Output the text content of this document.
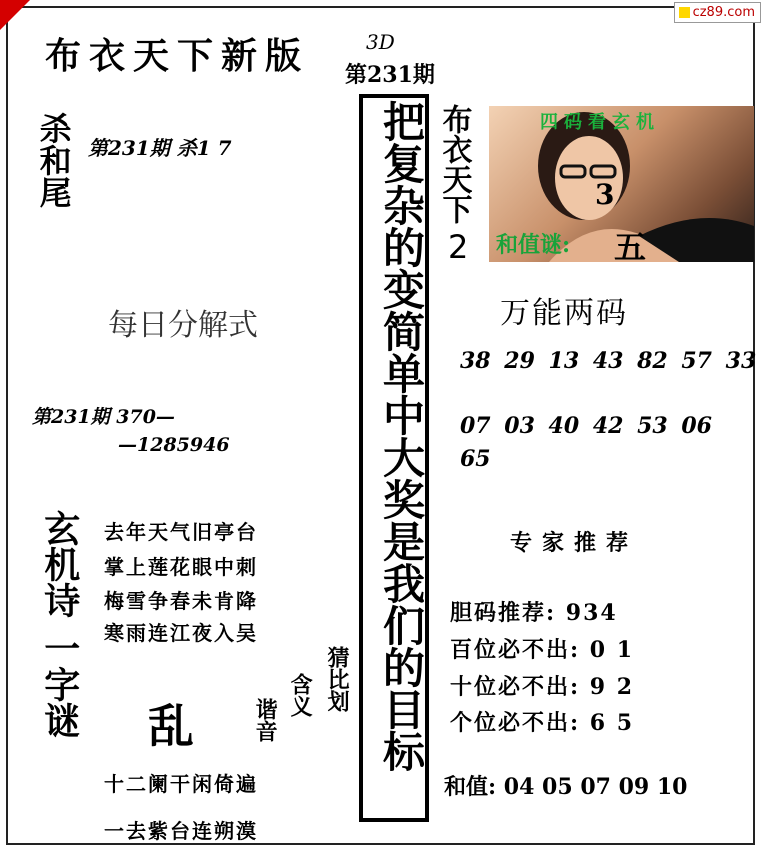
cz89.com
布衣天下新版	3D
第231期
杀和尾 第231期 杀1 7
每日分解式
第231期 370—
—1285946
玄机诗 去年天气旧亭台
掌上莲花眼中刺
梅雪争春未肯降
寒雨连江夜入吴
一字谜 乱	谐音
含义 猜比划
十二阑干闲倚遍
一去紫台连朔漠
把复杂的变简单中大奖是我们的目标 布衣天下
2
四码看玄机
3
和值谜: 五
万能两码
38 29 13 43 82 57 33
07 03 40 42 53 06
65
专家推荐
胆码推荐: 934
百位必不出: 0 1
十位必不出: 9 2
个位必不出: 6 5
和值: 04 05 07 09 10
